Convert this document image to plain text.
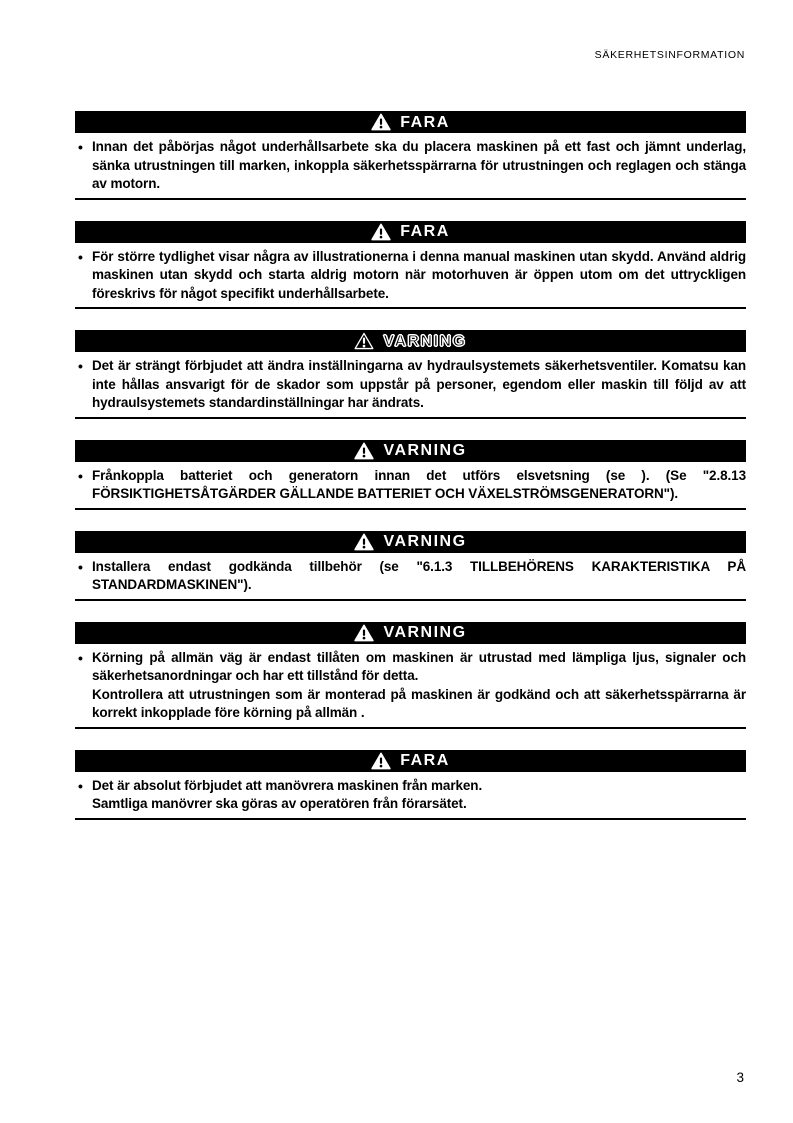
SÄKERHETSINFORMATION
FARA
• Innan det påbörjas något underhållsarbete ska du placera maskinen på ett fast och jämnt underlag, sänka utrustningen till marken, inkoppla säkerhetsspärrarna för utrustningen och reglagen och stänga av motorn.
FARA
• För större tydlighet visar några av illustrationerna i denna manual maskinen utan skydd. Använd aldrig maskinen utan skydd och starta aldrig motorn när motorhuven är öppen utom om det uttryckligen föreskrivs för något specifikt underhållsarbete.
VARNING
• Det är strängt förbjudet att ändra inställningarna av hydraulsystemets säkerhetsventiler. Komatsu kan inte hållas ansvarigt för de skador som uppstår på personer, egendom eller maskin till följd av att hydraulsystemets standardinställningar har ändrats.
VARNING
• Frånkoppla batteriet och generatorn innan det utförs elsvetsning (se ). (Se "2.8.13 FÖRSIKTIGHETSÅTGÄRDER GÄLLANDE BATTERIET OCH VÄXELSTRÖMSGENERATORN").
VARNING
• Installera endast godkända tillbehör (se "6.1.3 TILLBEHÖRENS KARAKTERISTIKA PÅ STANDARDMASKINEN").
VARNING
• Körning på allmän väg är endast tillåten om maskinen är utrustad med lämpliga ljus, signaler och säkerhetsanordningar och har ett tillstånd för detta.
Kontrollera att utrustningen som är monterad på maskinen är godkänd och att säkerhetsspärrarna är korrekt inkopplade före körning på allmän .
FARA
• Det är absolut förbjudet att manövrera maskinen från marken.
Samtliga manövrer ska göras av operatören från förarsätet.
3
